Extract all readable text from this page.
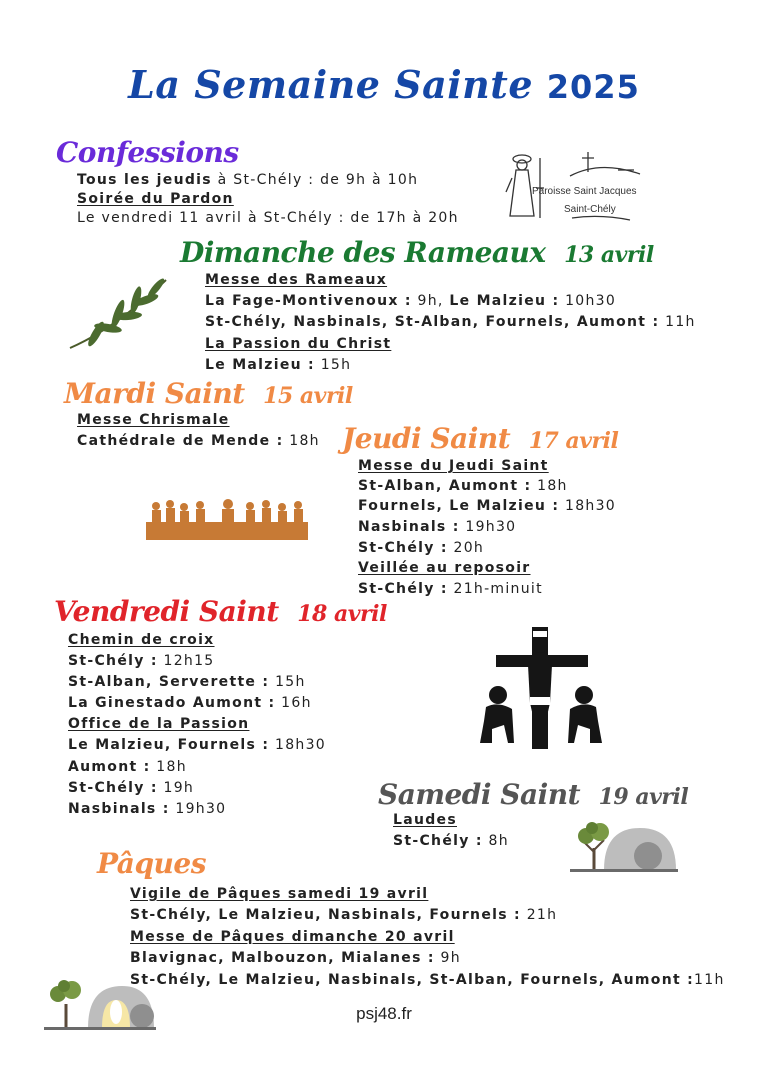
La Semaine Sainte 2025
Confessions
Tous les jeudis à St-Chély : de 9h à 10h
Soirée du Pardon
Le vendredi 11 avril à St-Chély : de 17h à 20h
Paroisse Saint Jacques
Saint-Chély
Dimanche des Rameaux 13 avril
Messe des Rameaux
La Fage-Montivenoux : 9h, Le Malzieu : 10h30
St-Chély, Nasbinals, St-Alban, Fournels, Aumont : 11h
La Passion du Christ
Le Malzieu : 15h
Mardi Saint 15 avril
Messe Chrismale
Cathédrale de Mende : 18h Jeudi Saint 17 avril
Messe du Jeudi Saint
St-Alban, Aumont : 18h
Fournels, Le Malzieu : 18h30
Nasbinals : 19h30
St-Chély : 20h
Veillée au reposoir
St-Chély : 21h-minuit
Vendredi Saint 18 avril
Chemin de croix
St-Chély : 12h15
St-Alban, Serverette : 15h
La Ginestado Aumont : 16h
Office de la Passion
Le Malzieu, Fournels : 18h30
Aumont : 18h
St-Chély : 19h
Nasbinals : 19h30	Samedi Saint 19 avril
Laudes
St-Chély : 8h
Pâques
Vigile de Pâques samedi 19 avril
St-Chély, Le Malzieu, Nasbinals, Fournels : 21h
Messe de Pâques dimanche 20 avril
Blavignac, Malbouzon, Mialanes : 9h
St-Chély, Le Malzieu, Nasbinals, St-Alban, Fournels, Aumont :11h
psj48.fr
